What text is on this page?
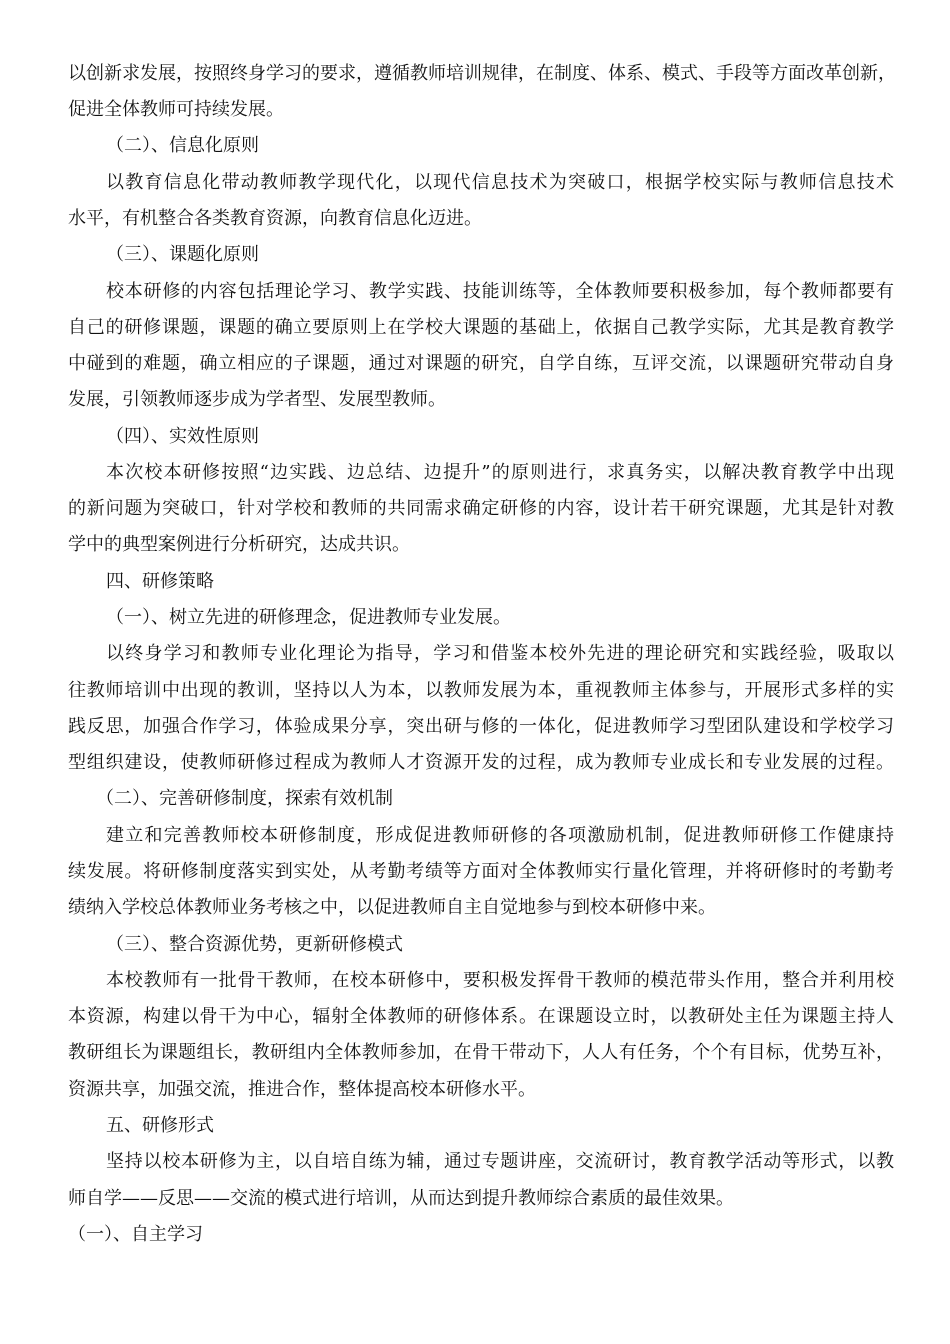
以创新求发展，按照终身学习的要求，遵循教师培训规律，在制度、体系、模式、手段等方面改革创新，
促进全体教师可持续发展。
（二）、信息化原则
以教育信息化带动教师教学现代化，以现代信息技术为突破口，根据学校实际与教师信息技术
水平，有机整合各类教育资源，向教育信息化迈进。
（三）、课题化原则
校本研修的内容包括理论学习、教学实践、技能训练等，全体教师要积极参加，每个教师都要有
自己的研修课题，课题的确立要原则上在学校大课题的基础上，依据自己教学实际，尤其是教育教学
中碰到的难题，确立相应的子课题，通过对课题的研究，自学自练，互评交流，以课题研究带动自身
发展，引领教师逐步成为学者型、发展型教师。
（四）、实效性原则
本次校本研修按照“边实践、边总结、边提升”的原则进行，求真务实，以解决教育教学中出现
的新问题为突破口，针对学校和教师的共同需求确定研修的内容，设计若干研究课题，尤其是针对教
学中的典型案例进行分析研究，达成共识。
四、研修策略
（一）、树立先进的研修理念，促进教师专业发展。
以终身学习和教师专业化理论为指导，学习和借鉴本校外先进的理论研究和实践经验，吸取以
往教师培训中出现的教训，坚持以人为本，以教师发展为本，重视教师主体参与，开展形式多样的实
践反思，加强合作学习，体验成果分享，突出研与修的一体化，促进教师学习型团队建设和学校学习
型组织建设，使教师研修过程成为教师人才资源开发的过程，成为教师专业成长和专业发展的过程。
（二）、完善研修制度，探索有效机制
建立和完善教师校本研修制度，形成促进教师研修的各项激励机制，促进教师研修工作健康持
续发展。将研修制度落实到实处，从考勤考绩等方面对全体教师实行量化管理，并将研修时的考勤考
绩纳入学校总体教师业务考核之中，以促进教师自主自觉地参与到校本研修中来。
（三）、整合资源优势，更新研修模式
本校教师有一批骨干教师，在校本研修中，要积极发挥骨干教师的模范带头作用，整合并利用校
本资源，构建以骨干为中心，辐射全体教师的研修体系。在课题设立时，以教研处主任为课题主持人
教研组长为课题组长，教研组内全体教师参加，在骨干带动下，人人有任务，个个有目标，优势互补，
资源共享，加强交流，推进合作，整体提高校本研修水平。
五、研修形式
坚持以校本研修为主，以自培自练为辅，通过专题讲座，交流研讨，教育教学活动等形式，以教
师自学——反思——交流的模式进行培训，从而达到提升教师综合素质的最佳效果。
（一）、自主学习
